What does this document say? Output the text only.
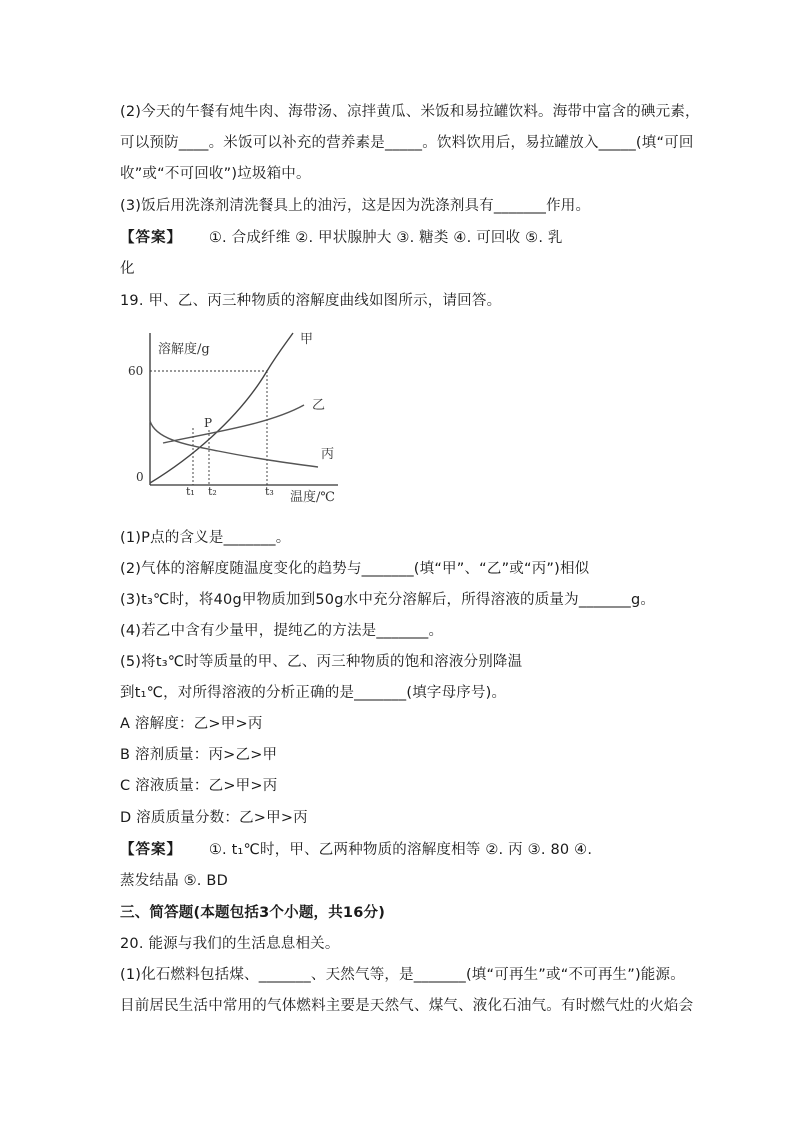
(2)今天的午餐有炖牛肉、海带汤、凉拌黄瓜、米饭和易拉罐饮料。海带中富含的碘元素，
可以预防____。米饭可以补充的营养素是_____。饮料饮用后，易拉罐放入_____(填“可回
收”或“不可回收”)垃圾箱中。
(3)饭后用洗涤剂清洗餐具上的油污，这是因为洗涤剂具有_______作用。
【答案】 ①. 合成纤维 ②. 甲状腺肿大 ③. 糖类 ④. 可回收 ⑤. 乳
化
19. 甲、乙、丙三种物质的溶解度曲线如图所示，请回答。
溶解度/g
60
0
甲
乙
丙
P
t₁ t₂	t₃ 温度/℃
(1)P点的含义是_______。
(2)气体的溶解度随温度变化的趋势与_______(填“甲”、“乙”或“丙”)相似
(3)t₃℃时，将40g甲物质加到50g水中充分溶解后，所得溶液的质量为_______g。
(4)若乙中含有少量甲，提纯乙的方法是_______。
(5)将t₃℃时等质量的甲、乙、丙三种物质的饱和溶液分别降温
到t₁℃，对所得溶液的分析正确的是_______(填字母序号)。
A 溶解度：乙>甲>丙
B 溶剂质量：丙>乙>甲
C 溶液质量：乙>甲>丙
D 溶质质量分数：乙>甲>丙
【答案】 ①. t₁℃时，甲、乙两种物质的溶解度相等 ②. 丙 ③. 80 ④.
蒸发结晶 ⑤. BD
三、简答题(本题包括3个小题，共16分)
20. 能源与我们的生活息息相关。
(1)化石燃料包括煤、_______、天然气等，是_______(填“可再生”或“不可再生”)能源。
目前居民生活中常用的气体燃料主要是天然气、煤气、液化石油气。有时燃气灶的火焰会
